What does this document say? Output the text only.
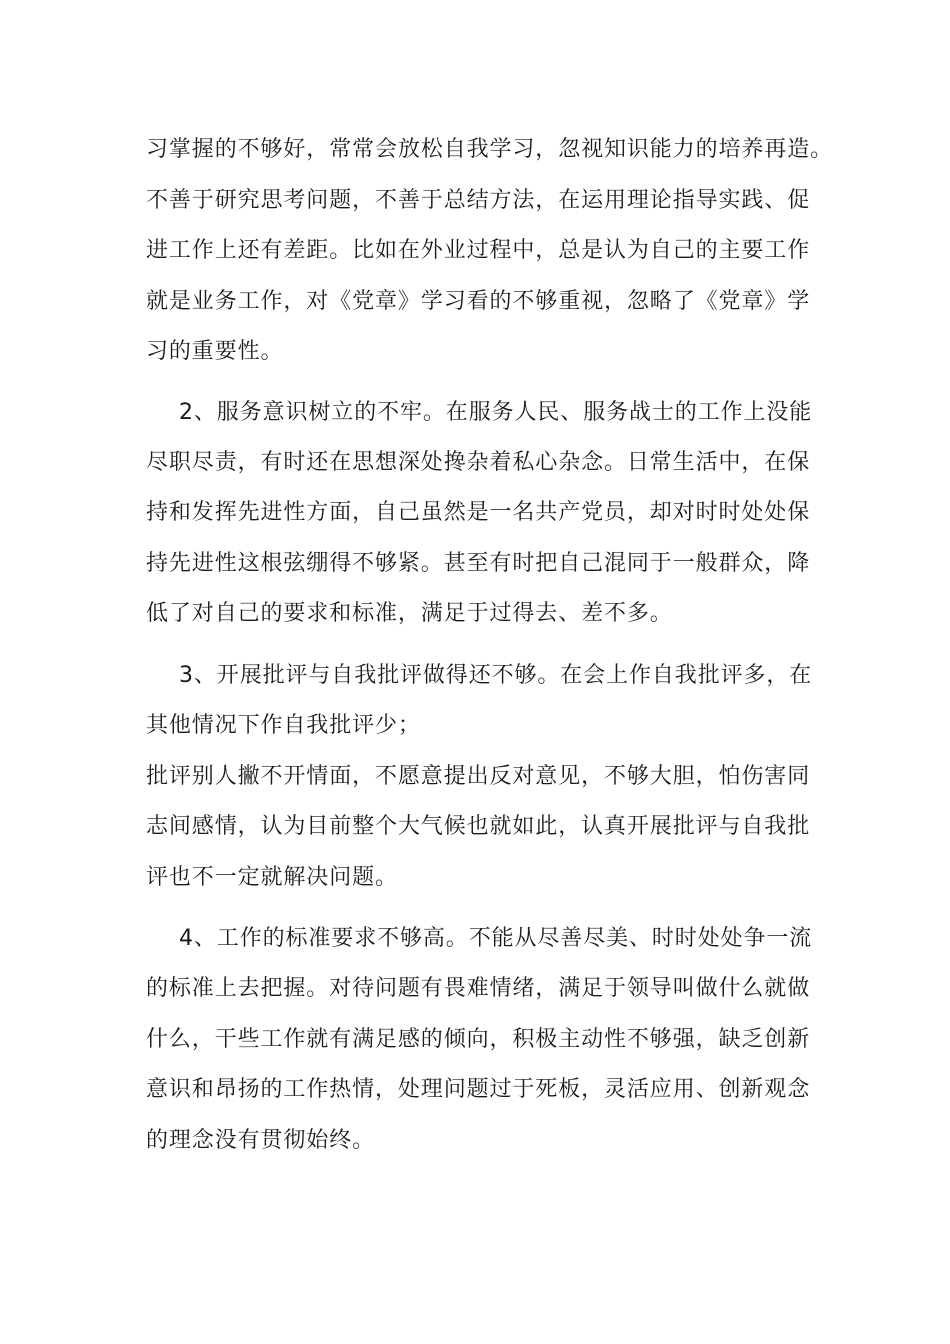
习掌握的不够好，常常会放松自我学习，忽视知识能力的培养再造。
不善于研究思考问题，不善于总结方法，在运用理论指导实践、促
进工作上还有差距。比如在外业过程中，总是认为自己的主要工作
就是业务工作，对《党章》学习看的不够重视，忽略了《党章》学
习的重要性。
2、服务意识树立的不牢。在服务人民、服务战士的工作上没能
尽职尽责，有时还在思想深处搀杂着私心杂念。日常生活中，在保
持和发挥先进性方面，自己虽然是一名共产党员，却对时时处处保
持先进性这根弦绷得不够紧。甚至有时把自己混同于一般群众，降
低了对自己的要求和标准，满足于过得去、差不多。
3、开展批评与自我批评做得还不够。在会上作自我批评多，在
其他情况下作自我批评少；
批评别人撇不开情面，不愿意提出反对意见，不够大胆，怕伤害同
志间感情，认为目前整个大气候也就如此，认真开展批评与自我批
评也不一定就解决问题。
4、工作的标准要求不够高。不能从尽善尽美、时时处处争一流
的标准上去把握。对待问题有畏难情绪，满足于领导叫做什么就做
什么，干些工作就有满足感的倾向，积极主动性不够强，缺乏创新
意识和昂扬的工作热情，处理问题过于死板，灵活应用、创新观念
的理念没有贯彻始终。
